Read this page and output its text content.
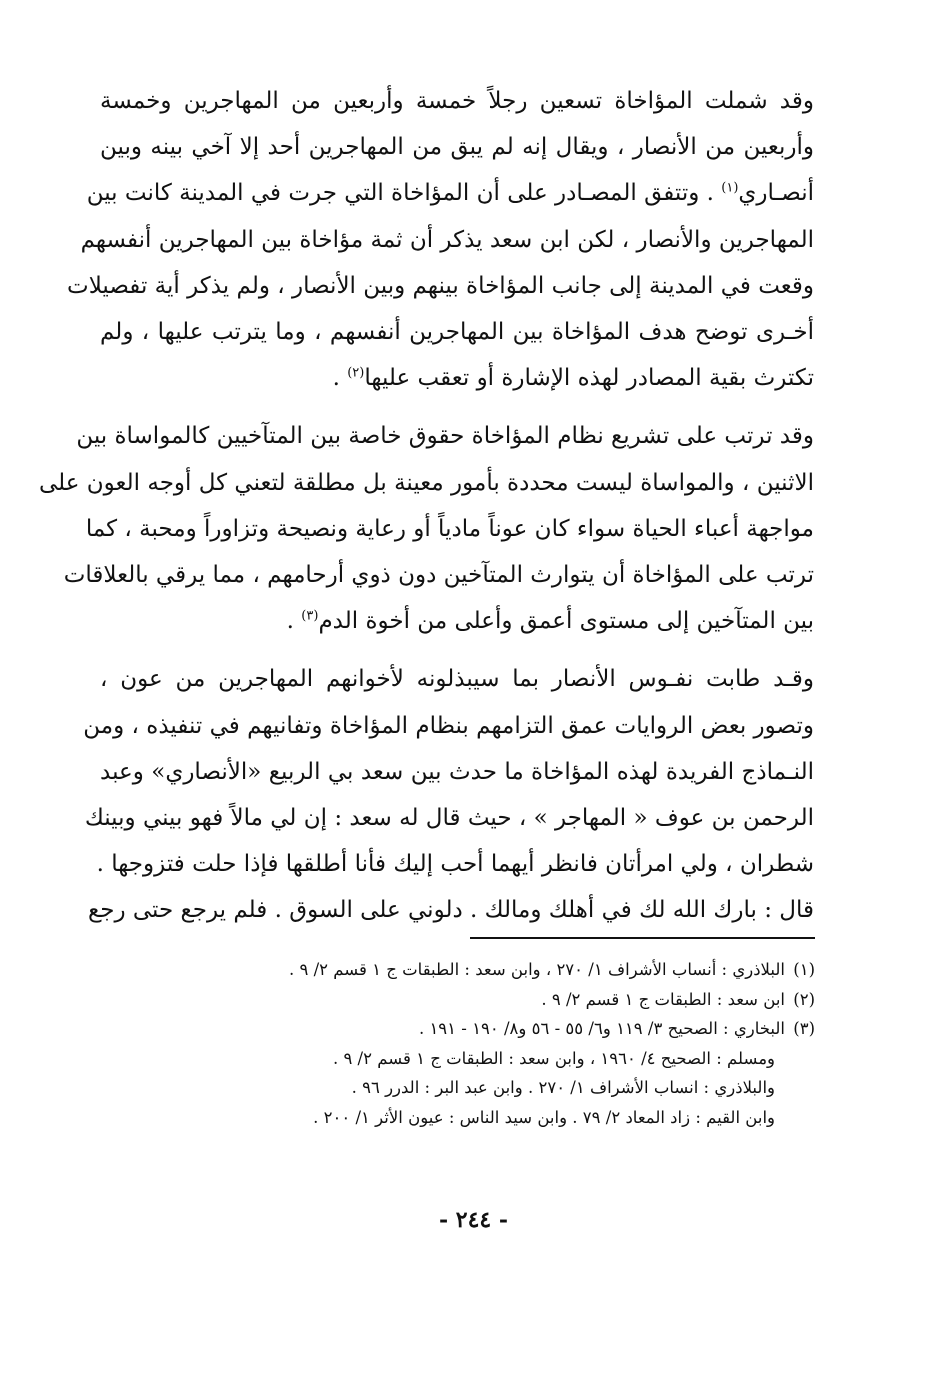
وقد شملت المؤاخاة تسعين رجلاً خمسة وأربعين من المهاجرين وخمسة
وأربعين من الأنصار ، ويقال إنه لم يبق من المهاجرين أحد إلا آخي بينه وبين
أنصـاري$^{(١)}$ . وتتفق المصـادر على أن المؤاخاة التي جرت في المدينة كانت بين
المهاجرين والأنصار ، لكن ابن سعد يذكر أن ثمة مؤاخاة بين المهاجرين أنفسهم
وقعت في المدينة إلى جانب المؤاخاة بينهم وبين الأنصار ، ولم يذكر أية تفصيلات
أخـرى توضح هدف المؤاخاة بين المهاجرين أنفسهم ، وما يترتب عليها ، ولم
تكترث بقية المصادر لهذه الإشارة أو تعقب عليها$^{(٢)}$ .

وقد ترتب على تشريع نظام المؤاخاة حقوق خاصة بين المتآخيين كالمواساة بين
الاثنين ، والمواساة ليست محددة بأمور معينة بل مطلقة لتعني كل أوجه العون على
مواجهة أعباء الحياة سواء كان عوناً مادياً أو رعاية ونصيحة وتزاوراً ومحبة ، كما
ترتب على المؤاخاة أن يتوارث المتآخين دون ذوي أرحامهم ، مما يرقي بالعلاقات
بين المتآخين إلى مستوى أعمق وأعلى من أخوة الدم$^{(٣)}$ .

وقـد طابت نفـوس الأنصار بما سيبذلونه لأخوانهم المهاجرين من عون ،
وتصور بعض الروايات عمق التزامهم بنظام المؤاخاة وتفانيهم في تنفيذه ، ومن
النـماذج الفريدة لهذه المؤاخاة ما حدث بين سعد بي الربيع «الأنصاري» وعبد
الرحمن بن عوف « المهاجر » ، حيث قال له سعد : إن لي مالاً فهو بيني وبينك
شطران ، ولي امرأتان فانظر أيهما أحب إليك فأنا أطلقها فإذا حلت فتزوجها .
قال : بارك الله لك في أهلك ومالك . دلوني على السوق . فلم يرجع حتى رجع

(١)البلاذري : أنساب الأشراف ١/ ٢٧٠ ، وابن سعد : الطبقات ج ١ قسم ٢/ ٩ .

(٢)ابن سعد : الطبقات ج ١ قسم ٢/ ٩ .

(٣)البخاري : الصحيح ٣/ ١١٩ و٦/ ٥٥ - ٥٦ و٨/ ١٩٠ - ١٩١ .

ومسلم : الصحيح ٤/ ١٩٦٠ ، وابن سعد : الطبقات ج ١ قسم ٢/ ٩ .

والبلاذري : انساب الأشراف ١/ ٢٧٠ . وابن عبد البر : الدرر ٩٦ .

وابن القيم : زاد المعاد ٢/ ٧٩ . وابن سيد الناس : عيون الأثر ١/ ٢٠٠ .

- ٢٤٤ -
